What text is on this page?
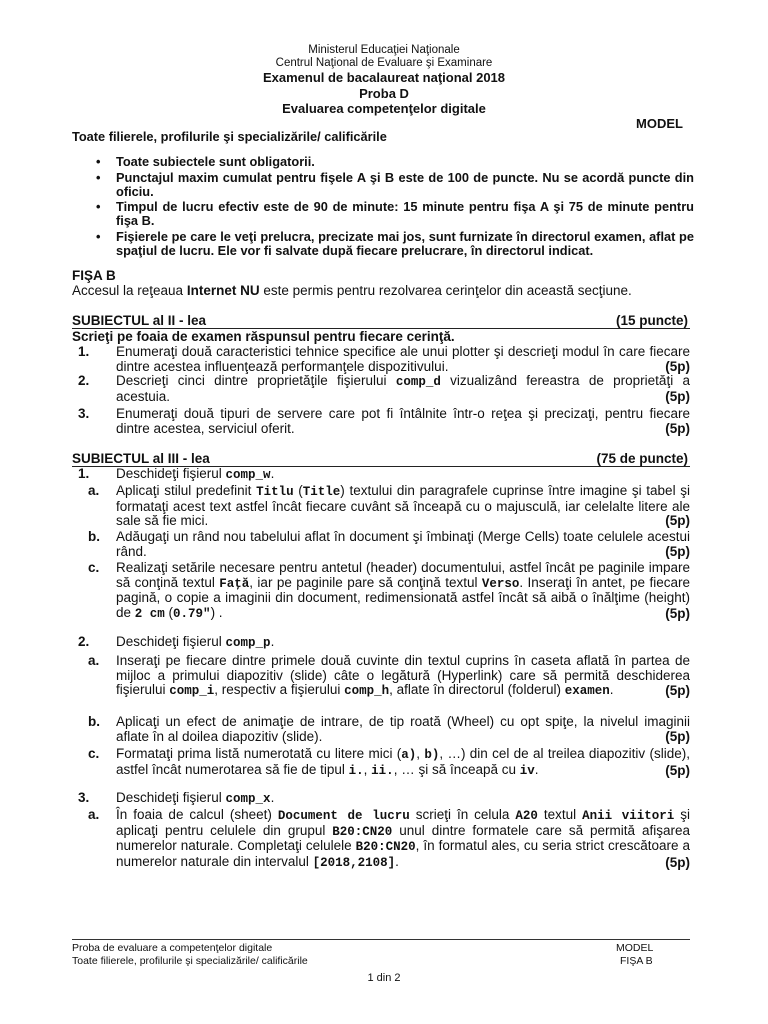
Ministerul Educaţiei Naţionale
Centrul Naţional de Evaluare şi Examinare
Examenul de bacalaureat naţional 2018
Proba D
Evaluarea competenţelor digitale
MODEL
Toate filierele, profilurile şi specializările/ calificările
• Toate subiectele sunt obligatorii.
• Punctajul maxim cumulat pentru fişele A şi B este de 100 de puncte. Nu se acordă puncte din oficiu.
• Timpul de lucru efectiv este de 90 de minute: 15 minute pentru fişa A şi 75 de minute pentru fişa B.
• Fişierele pe care le veţi prelucra, precizate mai jos, sunt furnizate în directorul examen, aflat pe spaţiul de lucru. Ele vor fi salvate după fiecare prelucrare, în directorul indicat.
FIŞA B
Accesul la reţeaua Internet NU este permis pentru rezolvarea cerinţelor din această secţiune.
SUBIECTUL al II - lea	(15 puncte)
Scrieţi pe foaia de examen răspunsul pentru fiecare cerinţă.
1. Enumeraţi două caracteristici tehnice specifice ale unui plotter şi descrieţi modul în care fiecare dintre acestea influenţează performanţele dispozitivului.	(5p)
2. Descrieţi cinci dintre proprietăţile fişierului comp_d vizualizând fereastra de proprietăţi a acestuia.	(5p)
3. Enumeraţi două tipuri de servere care pot fi întâlnite într-o reţea şi precizaţi, pentru fiecare dintre acestea, serviciul oferit.	(5p)
SUBIECTUL al III - lea	(75 de puncte)
1. Deschideţi fişierul comp_w.
a. Aplicaţi stilul predefinit Titlu (Title) textului din paragrafele cuprinse între imagine şi tabel şi formataţi acest text astfel încât fiecare cuvânt să înceapă cu o majusculă, iar celelalte litere ale sale să fie mici.	(5p)
b. Adăugaţi un rând nou tabelului aflat în document şi îmbinaţi (Merge Cells) toate celulele acestui rând.	(5p)
c. Realizaţi setările necesare pentru antetul (header) documentului, astfel încât pe paginile impare să conţină textul Faţă, iar pe paginile pare să conţină textul Verso. Inseraţi în antet, pe fiecare pagină, o copie a imaginii din document, redimensionată astfel încât să aibă o înălţime (height) de 2 cm (0.79″) .	(5p)
2. Deschideţi fişierul comp_p.
a. Inseraţi pe fiecare dintre primele două cuvinte din textul cuprins în caseta aflată în partea de mijloc a primului diapozitiv (slide) câte o legătură (Hyperlink) care să permită deschiderea fişierului comp_i, respectiv a fişierului comp_h, aflate în directorul (folderul) examen.	(5p)
b. Aplicaţi un efect de animaţie de intrare, de tip roată (Wheel) cu opt spiţe, la nivelul imaginii aflate în al doilea diapozitiv (slide).	(5p)
c. Formataţi prima listă numerotată cu litere mici (a), b), …) din cel de al treilea diapozitiv (slide), astfel încât numerotarea să fie de tipul i., ii., … şi să înceapă cu iv.	(5p)
3. Deschideţi fişierul comp_x.
a. În foaia de calcul (sheet) Document de lucru scrieţi în celula A20 textul Anii viitori şi aplicaţi pentru celulele din grupul B20:CN20 unul dintre formatele care să permită afişarea numerelor naturale. Completaţi celulele B20:CN20, în formatul ales, cu seria strict crescătoare a numerelor naturale din intervalul [2018,2108].	(5p)
Proba de evaluare a competenţelor digitale
Toate filierele, profilurile şi specializările/ calificările
MODEL
FIŞA B
1 din 2
